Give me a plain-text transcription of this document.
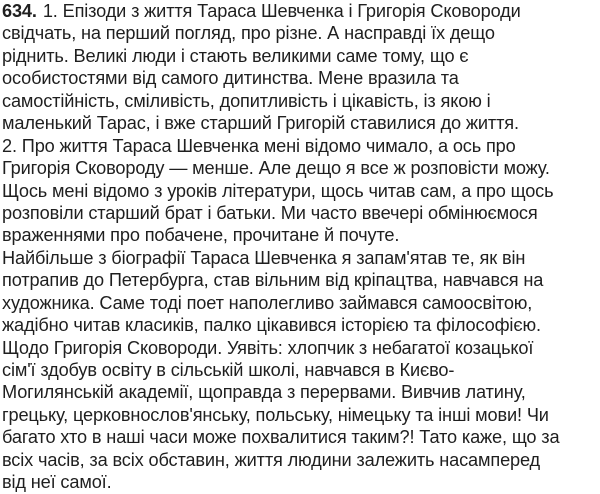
634. 1. Епізоди з життя Тараса Шевченка і Григорія Сковороди
свідчать, на перший погляд, про різне. А насправді їх дещо
ріднить. Великі люди і стають великими саме тому, що є
особистостями від самого дитинства. Мене вразила та
самостійність, сміливість, допитливість і цікавість, із якою і
маленький Тарас, і вже старший Григорій ставилися до життя.
2. Про життя Тараса Шевченка мені відомо чимало, а ось про
Григорія Сковороду — менше. Але дещо я все ж розповісти можу.
Щось мені відомо з уроків літератури, щось читав сам, а про щось
розповіли старший брат і батьки. Ми часто ввечері обмінюємося
враженнями про побачене, прочитане й почуте.
Найбільше з біографії Тараса Шевченка я запам'ятав те, як він
потрапив до Петербурга, став вільним від кріпацтва, навчався на
художника. Саме тоді поет наполегливо займався самоосвітою,
жадібно читав класиків, палко цікавився історією та філософією.
Щодо Григорія Сковороди. Уявіть: хлопчик з небагатої козацької
сім'ї здобув освіту в сільській школі, навчався в Києво-
Могилянській академії, щоправда з перервами. Вивчив латину,
грецьку, церковнослов'янську, польську, німецьку та інші мови! Чи
багато хто в наші часи може похвалитися таким?! Тато каже, що за
всіх часів, за всіх обставин, життя людини залежить насамперед
від неї самої.
